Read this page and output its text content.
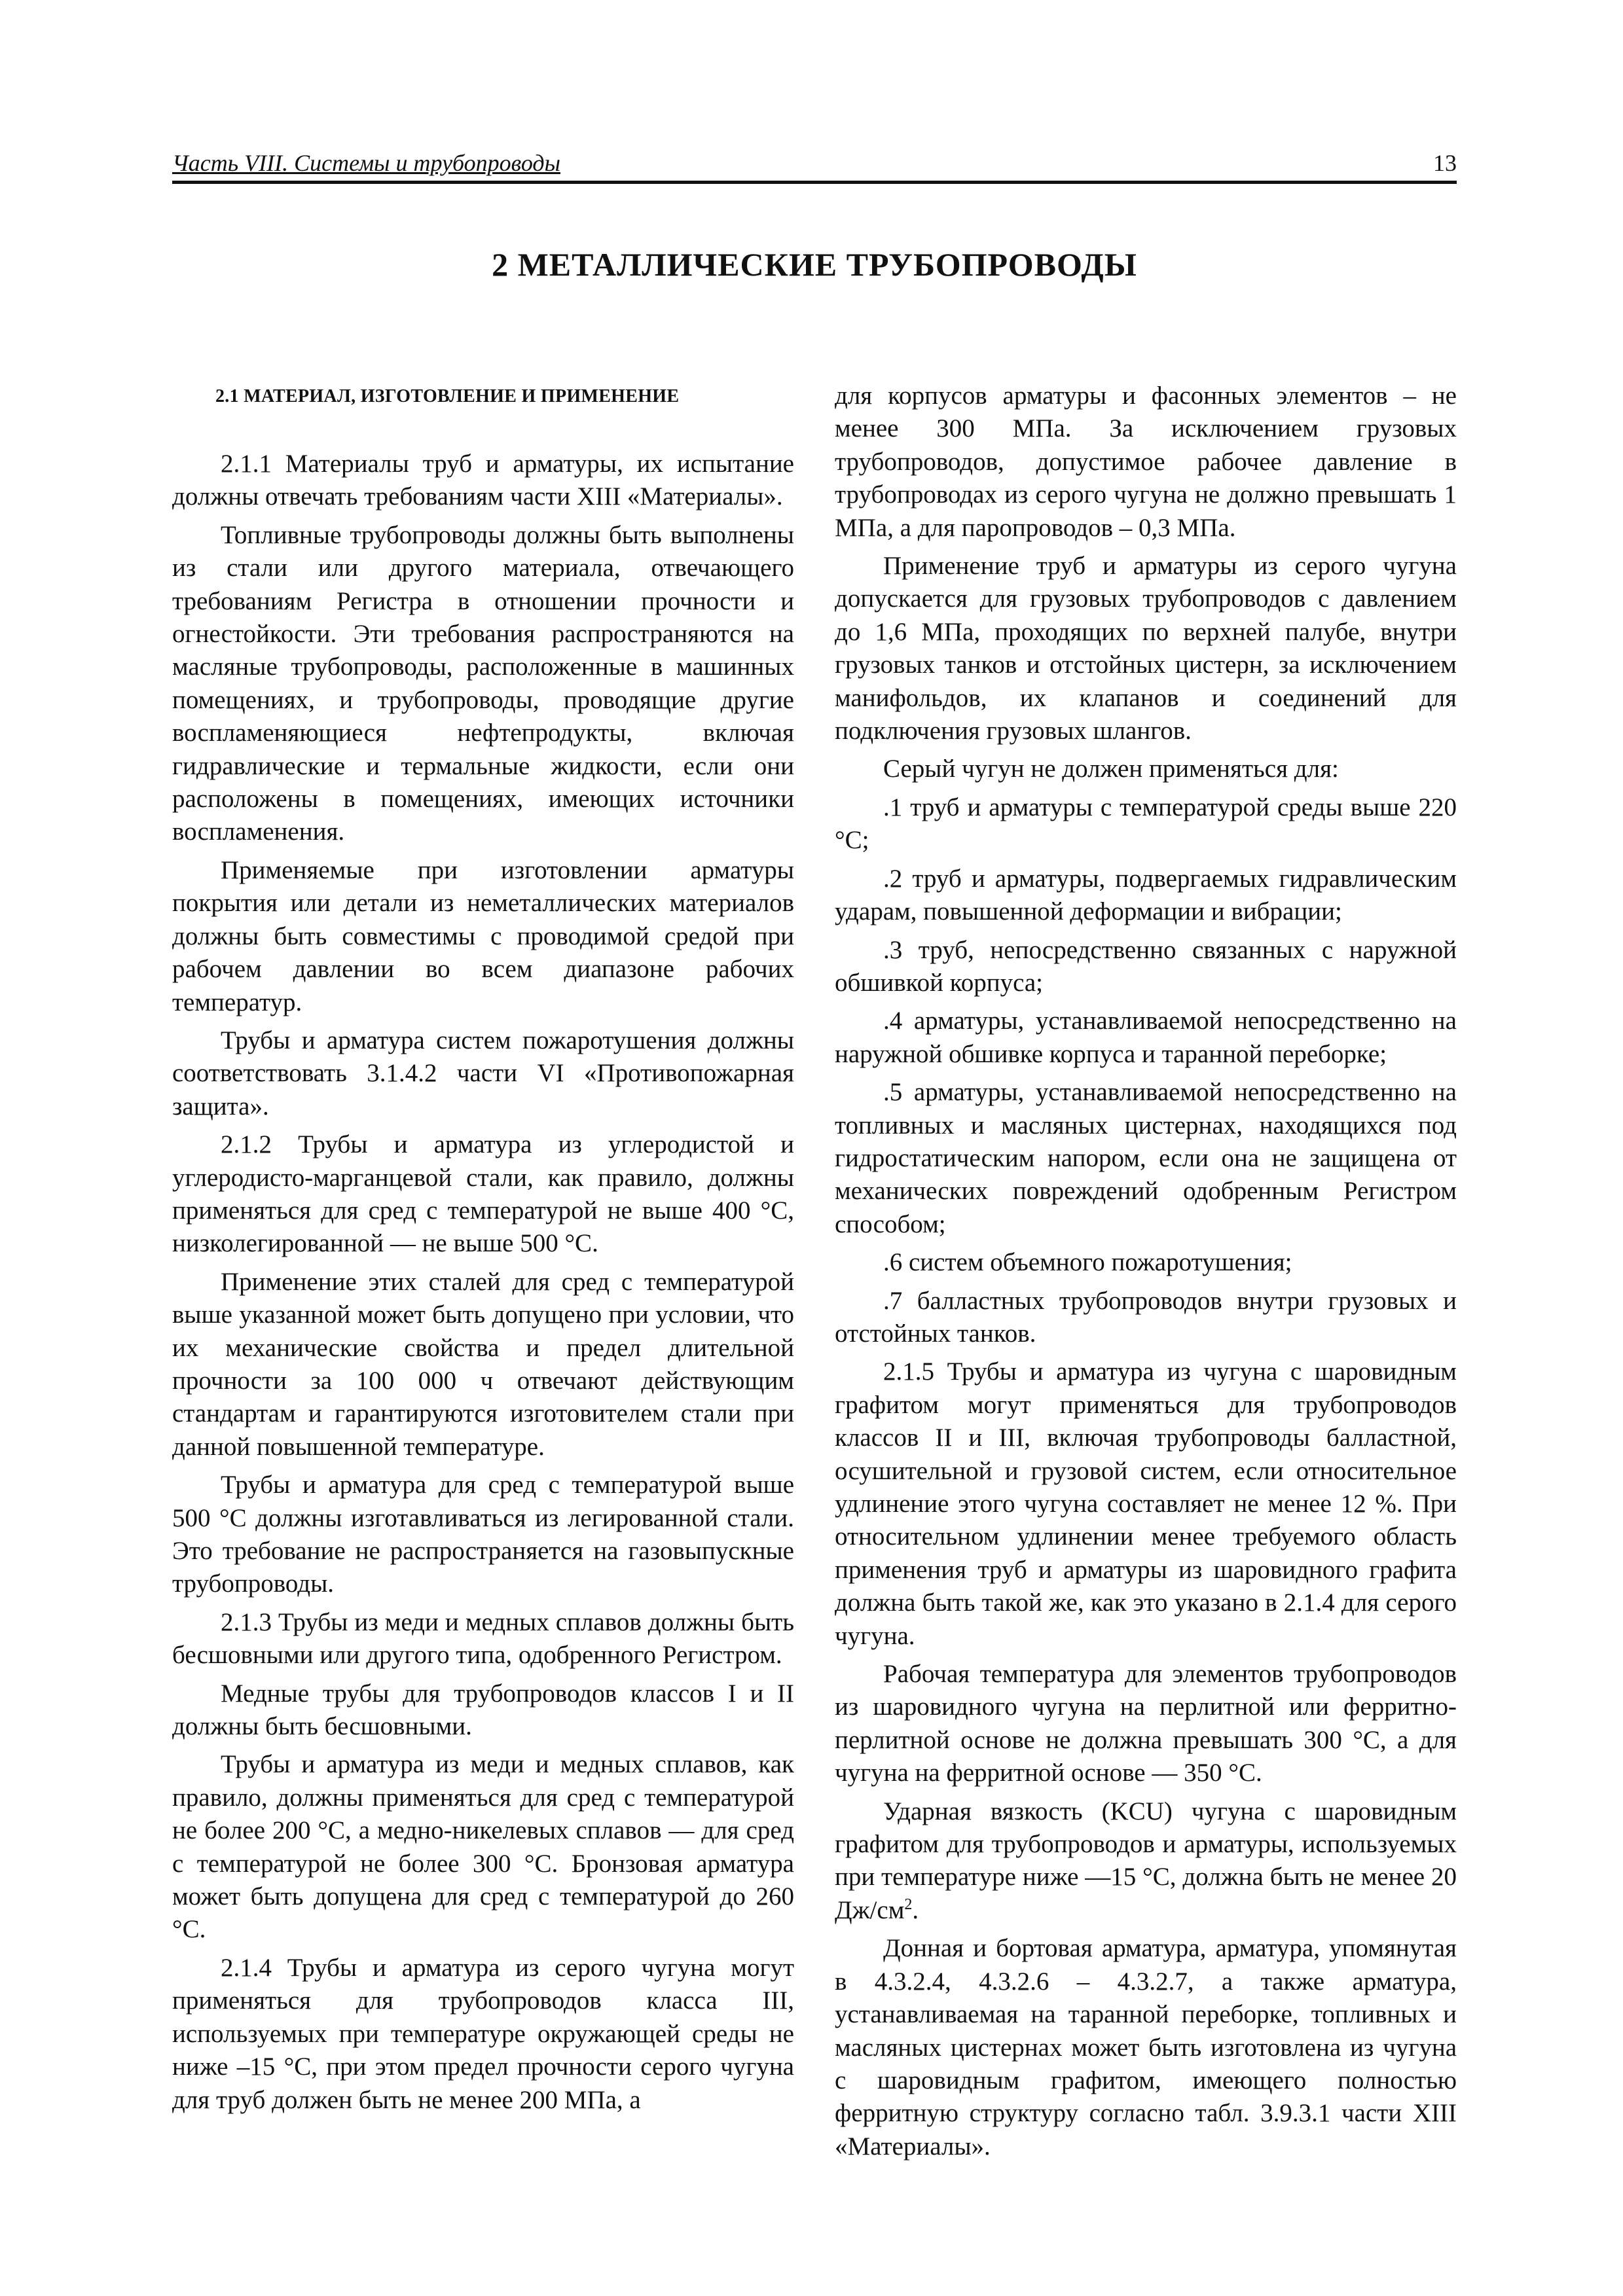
Часть VIII. Системы и трубопроводы	13
2 МЕТАЛЛИЧЕСКИЕ ТРУБОПРОВОДЫ
2.1 МАТЕРИАЛ, ИЗГОТОВЛЕНИЕ И ПРИМЕНЕНИЕ

2.1.1 Материалы труб и арматуры, их испытание должны отвечать требованиям части XIII «Материалы».

Топливные трубопроводы должны быть выполнены из стали или другого материала, отвечающего требованиям Регистра в отношении прочности и огнестойкости. Эти требования распространяются на масляные трубопроводы, расположенные в машинных помещениях, и трубопроводы, проводящие другие воспламеняющиеся нефтепродукты, включая гидравлические и термальные жидкости, если они расположены в помещениях, имеющих источники воспламенения.

Применяемые при изготовлении арматуры покрытия или детали из неметаллических материалов должны быть совместимы с проводимой средой при рабочем давлении во всем диапазоне рабочих температур.

Трубы и арматура систем пожаротушения должны соответствовать 3.1.4.2 части VI «Противопожарная защита».

2.1.2 Трубы и арматура из углеродистой и углеродисто-марганцевой стали, как правило, должны применяться для сред с температурой не выше 400 °С, низколегированной — не выше 500 °С.

Применение этих сталей для сред с температурой выше указанной может быть допущено при условии, что их механические свойства и предел длительной прочности за 100 000 ч отвечают действующим стандартам и гарантируются изготовителем стали при данной повышенной температуре.

Трубы и арматура для сред с температурой выше 500 °С должны изготавливаться из легированной стали. Это требование не распространяется на газовыпускные трубопроводы.

2.1.3 Трубы из меди и медных сплавов должны быть бесшовными или другого типа, одобренного Регистром.

Медные трубы для трубопроводов классов I и II должны быть бесшовными.

Трубы и арматура из меди и медных сплавов, как правило, должны применяться для сред с температурой не более 200 °С, а медно-никелевых сплавов — для сред с температурой не более 300 °С. Бронзовая арматура может быть допущена для сред с температурой до 260 °С.

2.1.4 Трубы и арматура из серого чугуна могут применяться для трубопроводов класса III, используемых при температуре окружающей среды не ниже –15 °С, при этом предел прочности серого чугуна для труб должен быть не менее 200 МПа, а

для корпусов арматуры и фасонных элементов – не менее 300 МПа. За исключением грузовых трубопроводов, допустимое рабочее давление в трубопроводах из серого чугуна не должно превышать 1 МПа, а для паропроводов – 0,3 МПа.

Применение труб и арматуры из серого чугуна допускается для грузовых трубопроводов с давлением до 1,6 МПа, проходящих по верхней палубе, внутри грузовых танков и отстойных цистерн, за исключением манифольдов, их клапанов и соединений для подключения грузовых шлангов.

Серый чугун не должен применяться для:

.1 труб и арматуры с температурой среды выше 220 °С;

.2 труб и арматуры, подвергаемых гидравлическим ударам, повышенной деформации и вибрации;

.3 труб, непосредственно связанных с наружной обшивкой корпуса;

.4 арматуры, устанавливаемой непосредственно на наружной обшивке корпуса и таранной переборке;

.5 арматуры, устанавливаемой непосредственно на топливных и масляных цистернах, находящихся под гидростатическим напором, если она не защищена от механических повреждений одобренным Регистром способом;

.6 систем объемного пожаротушения;

.7 балластных трубопроводов внутри грузовых и отстойных танков.

2.1.5 Трубы и арматура из чугуна с шаровидным графитом могут применяться для трубопроводов классов II и III, включая трубопроводы балластной, осушительной и грузовой систем, если относительное удлинение этого чугуна составляет не менее 12 %. При относительном удлинении менее требуемого область применения труб и арматуры из шаровидного графита должна быть такой же, как это указано в 2.1.4 для серого чугуна.

Рабочая температура для элементов трубопроводов из шаровидного чугуна на перлитной или ферритно-перлитной основе не должна превышать 300 °С, а для чугуна на ферритной основе — 350 °С.

Ударная вязкость (KCU) чугуна с шаровидным графитом для трубопроводов и арматуры, используемых при температуре ниже —15 °С, должна быть не менее 20 $Дж/см^2$.

Донная и бортовая арматура, арматура, упомянутая в 4.3.2.4, 4.3.2.6 – 4.3.2.7, а также арматура, устанавливаемая на таранной переборке, топливных и масляных цистернах может быть изготовлена из чугуна с шаровидным графитом, имеющего полностью ферритную структуру согласно табл. 3.9.3.1 части XIII «Материалы».
